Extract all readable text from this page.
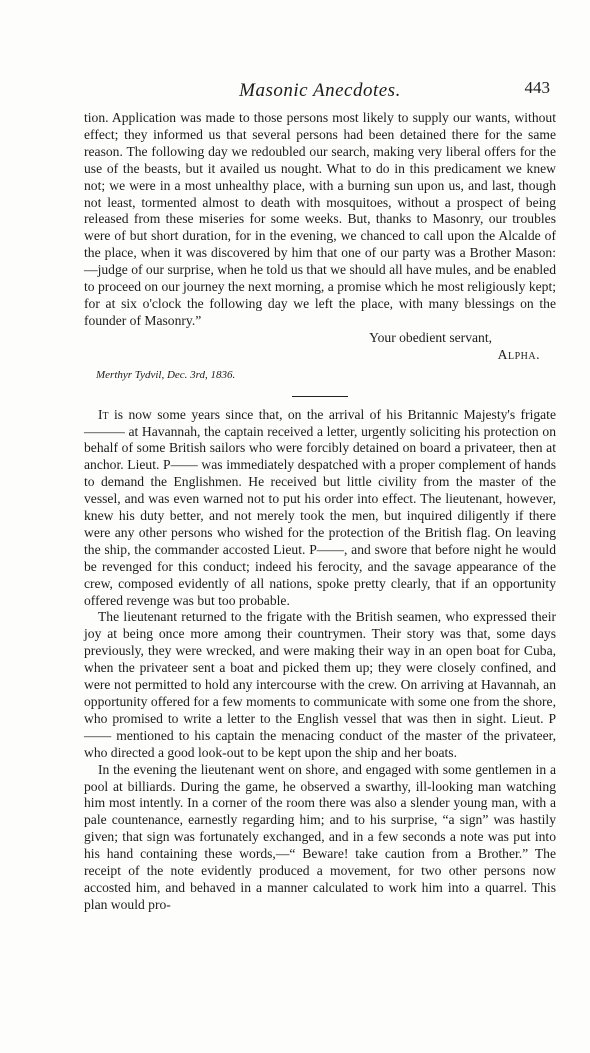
Masonic Anecdotes.	443

tion. Application was made to those persons most likely to supply our wants, without effect; they informed us that several persons had been detained there for the same reason. The following day we redoubled our search, making very liberal offers for the use of the beasts, but it availed us nought. What to do in this predicament we knew not; we were in a most unhealthy place, with a burning sun upon us, and last, though not least, tormented almost to death with mosquitoes, without a prospect of being released from these miseries for some weeks. But, thanks to Masonry, our troubles were of but short duration, for in the evening, we chanced to call upon the Alcalde of the place, when it was discovered by him that one of our party was a Brother Mason:—judge of our surprise, when he told us that we should all have mules, and be enabled to proceed on our journey the next morning, a promise which he most religiously kept; for at six o'clock the following day we left the place, with many blessings on the founder of Masonry.”

Your obedient servant,
Alpha.
Merthyr Tydvil, Dec. 3rd, 1836.

It is now some years since that, on the arrival of his Britannic Majesty's frigate ——— at Havannah, the captain received a letter, urgently soliciting his protection on behalf of some British sailors who were forcibly detained on board a privateer, then at anchor. Lieut. P—— was immediately despatched with a proper complement of hands to demand the Englishmen. He received but little civility from the master of the vessel, and was even warned not to put his order into effect. The lieutenant, however, knew his duty better, and not merely took the men, but inquired diligently if there were any other persons who wished for the protection of the British flag. On leaving the ship, the commander accosted Lieut. P——, and swore that before night he would be revenged for this conduct; indeed his ferocity, and the savage appearance of the crew, composed evidently of all nations, spoke pretty clearly, that if an opportunity offered revenge was but too probable.

The lieutenant returned to the frigate with the British seamen, who expressed their joy at being once more among their countrymen. Their story was that, some days previously, they were wrecked, and were making their way in an open boat for Cuba, when the privateer sent a boat and picked them up; they were closely confined, and were not permitted to hold any intercourse with the crew. On arriving at Havannah, an opportunity offered for a few moments to communicate with some one from the shore, who promised to write a letter to the English vessel that was then in sight. Lieut. P—— mentioned to his captain the menacing conduct of the master of the privateer, who directed a good look-out to be kept upon the ship and her boats.

In the evening the lieutenant went on shore, and engaged with some gentlemen in a pool at billiards. During the game, he observed a swarthy, ill-looking man watching him most intently. In a corner of the room there was also a slender young man, with a pale countenance, earnestly regarding him; and to his surprise, “a sign” was hastily given; that sign was fortunately exchanged, and in a few seconds a note was put into his hand containing these words,—“ Beware! take caution from a Brother.” The receipt of the note evidently produced a movement, for two other persons now accosted him, and behaved in a manner calculated to work him into a quarrel. This plan would pro-
